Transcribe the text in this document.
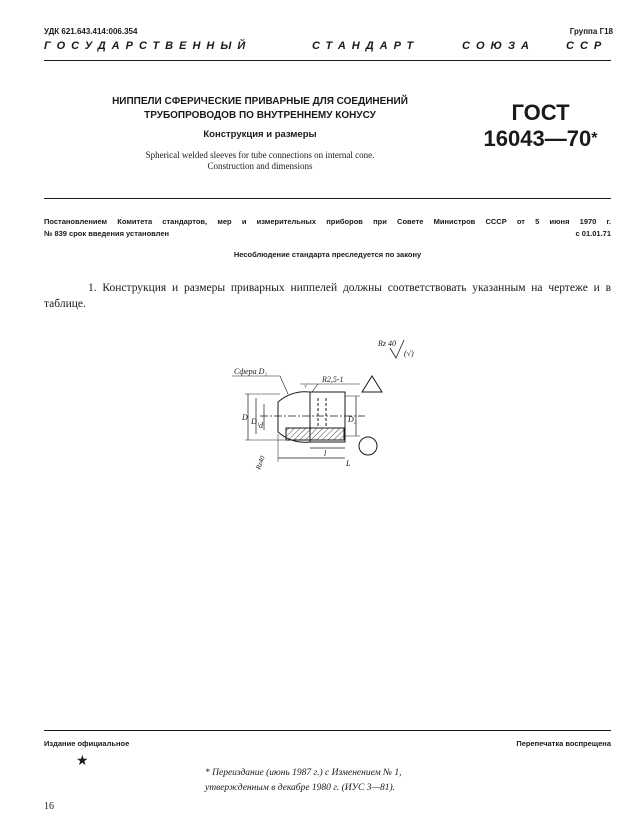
УДК 621.643.414:006.354	Группа Г18
ГОСУДАРСТВЕННЫЙ	СТАНДАРТ	СОЮЗА	ССР
НИППЕЛИ СФЕРИЧЕСКИЕ ПРИВАРНЫЕ ДЛЯ СОЕДИНЕНИЙ
ТРУБОПРОВОДОВ ПО ВНУТРЕННЕМУ КОНУСУ
Конструкция и размеры
Spherical welded sleeves for tube connections on internal cone.
Construction and dimensions
ГОСТ
16043—70*
Постановлением Комитета стандартов, мер и измерительных приборов при Совете Министров СССР от 5 июня 1970 г.
№ 839 срок введения установлен	с 01.01.71
Несоблюдение стандарта преследуется по закону
1. Конструкция и размеры приварных ниппелей должны соответствовать указанным на чертеже и в таблице.
Rz 40
(√)
Сфера D₁
R2,5-1
√
D D₁ d
D₂
l
L
Rz40
Издание официальное	Перепечатка воспрещена
★
* Переиздание (июнь 1987 г.) с Изменением № 1,
утвержденным в декабре 1980 г. (ИУС 3—81).
16
